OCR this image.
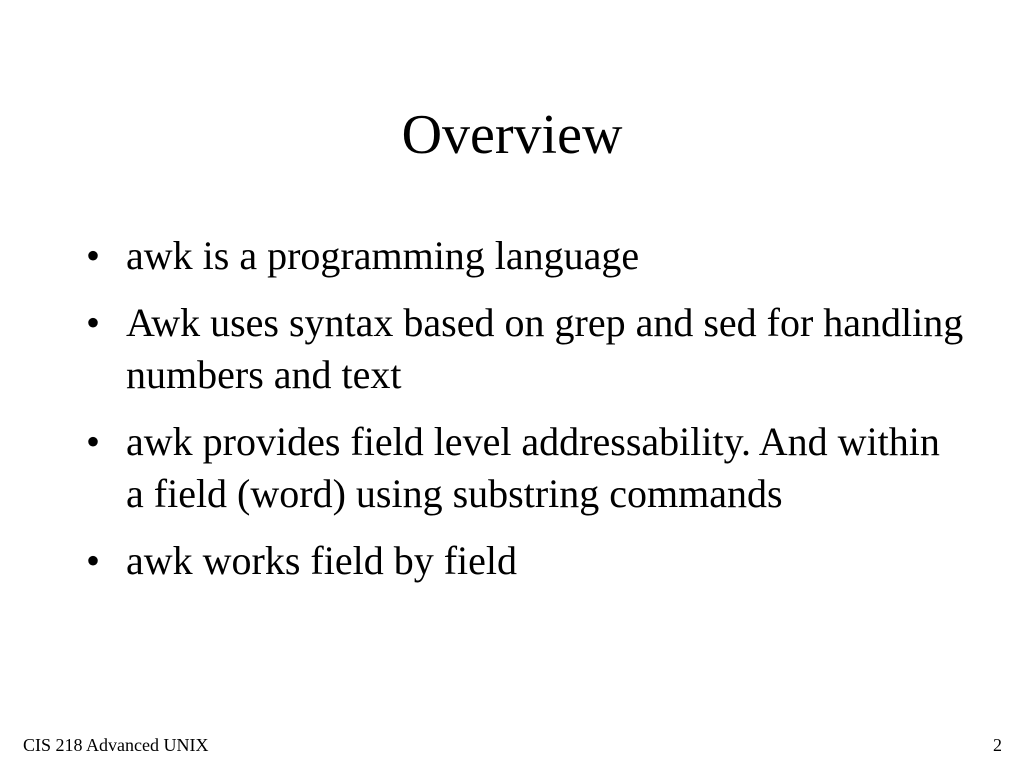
Overview
• awk is a programming language
• Awk uses syntax based on grep and sed for handling numbers and text
• awk provides field level addressability. And within a field (word) using substring commands
• awk works field by field
CIS 218 Advanced UNIX	2
